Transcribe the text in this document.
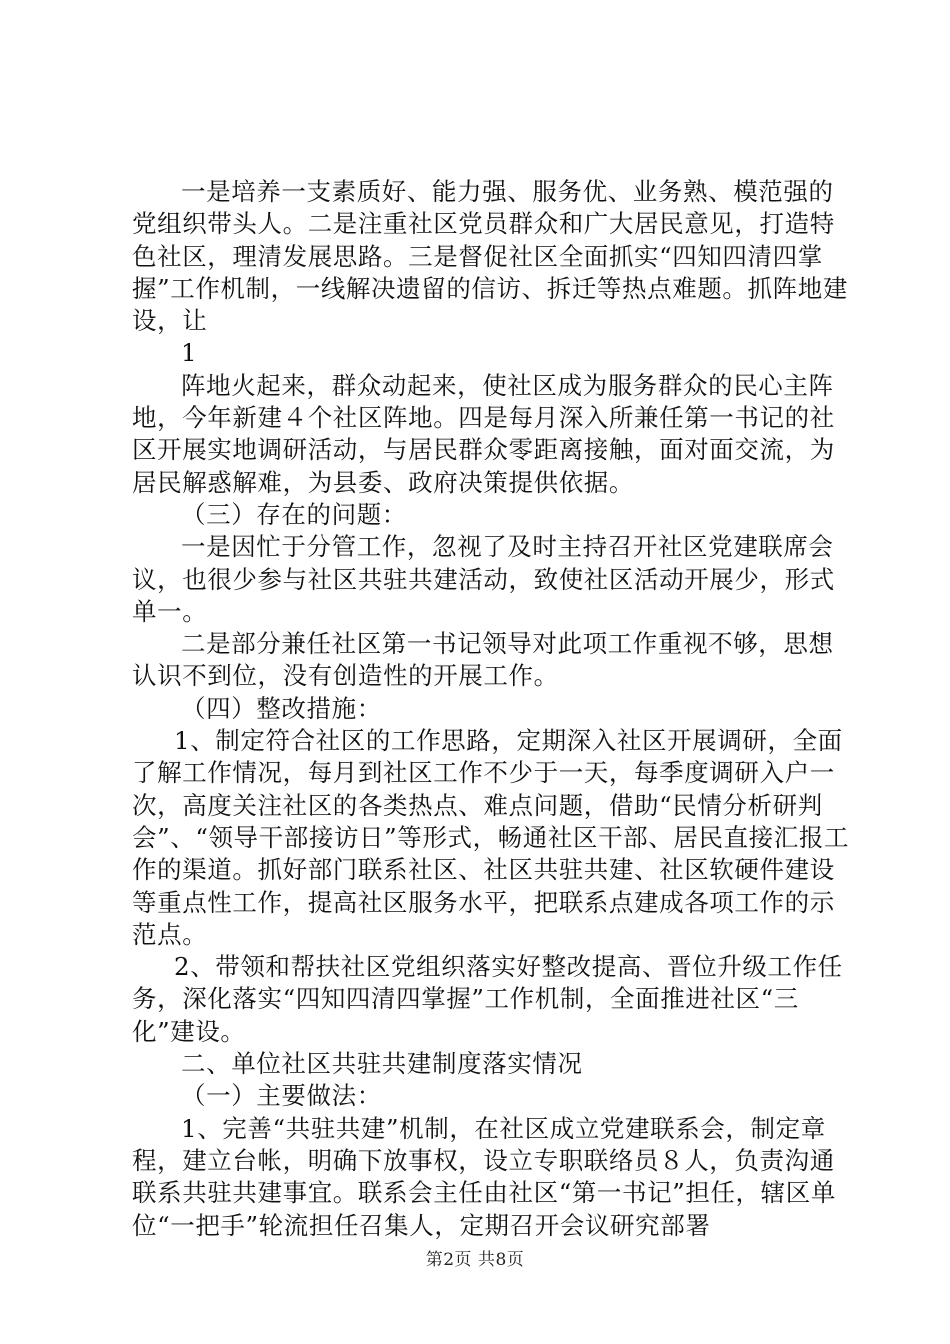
一是培养一支素质好、能力强、服务优、业务熟、模范强的党组织带头人。二是注重社区党员群众和广大居民意见，打造特色社区，理清发展思路。三是督促社区全面抓实“四知四清四掌握”工作机制，一线解决遗留的信访、拆迁等热点难题。抓阵地建设，让

1

阵地火起来，群众动起来，使社区成为服务群众的民心主阵地，今年新建４个社区阵地。四是每月深入所兼任第一书记的社区开展实地调研活动，与居民群众零距离接触，面对面交流，为居民解惑解难，为县委、政府决策提供依据。

（三）存在的问题：

一是因忙于分管工作，忽视了及时主持召开社区党建联席会议，也很少参与社区共驻共建活动，致使社区活动开展少，形式单一。

二是部分兼任社区第一书记领导对此项工作重视不够，思想认识不到位，没有创造性的开展工作。

（四）整改措施：

1、制定符合社区的工作思路，定期深入社区开展调研，全面了解工作情况，每月到社区工作不少于一天，每季度调研入户一次，高度关注社区的各类热点、难点问题，借助“民情分析研判会”、“领导干部接访日”等形式，畅通社区干部、居民直接汇报工作的渠道。抓好部门联系社区、社区共驻共建、社区软硬件建设等重点性工作，提高社区服务水平，把联系点建成各项工作的示范点。

2、带领和帮扶社区党组织落实好整改提高、晋位升级工作任务，深化落实“四知四清四掌握”工作机制，全面推进社区“三化”建设。

二、单位社区共驻共建制度落实情况

（一）主要做法：

1、完善“共驻共建”机制，在社区成立党建联系会，制定章程，建立台帐，明确下放事权，设立专职联络员８人，负责沟通联系共驻共建事宜。联系会主任由社区“第一书记”担任，辖区单位“一把手”轮流担任召集人，定期召开会议研究部署

第2页 共8页
